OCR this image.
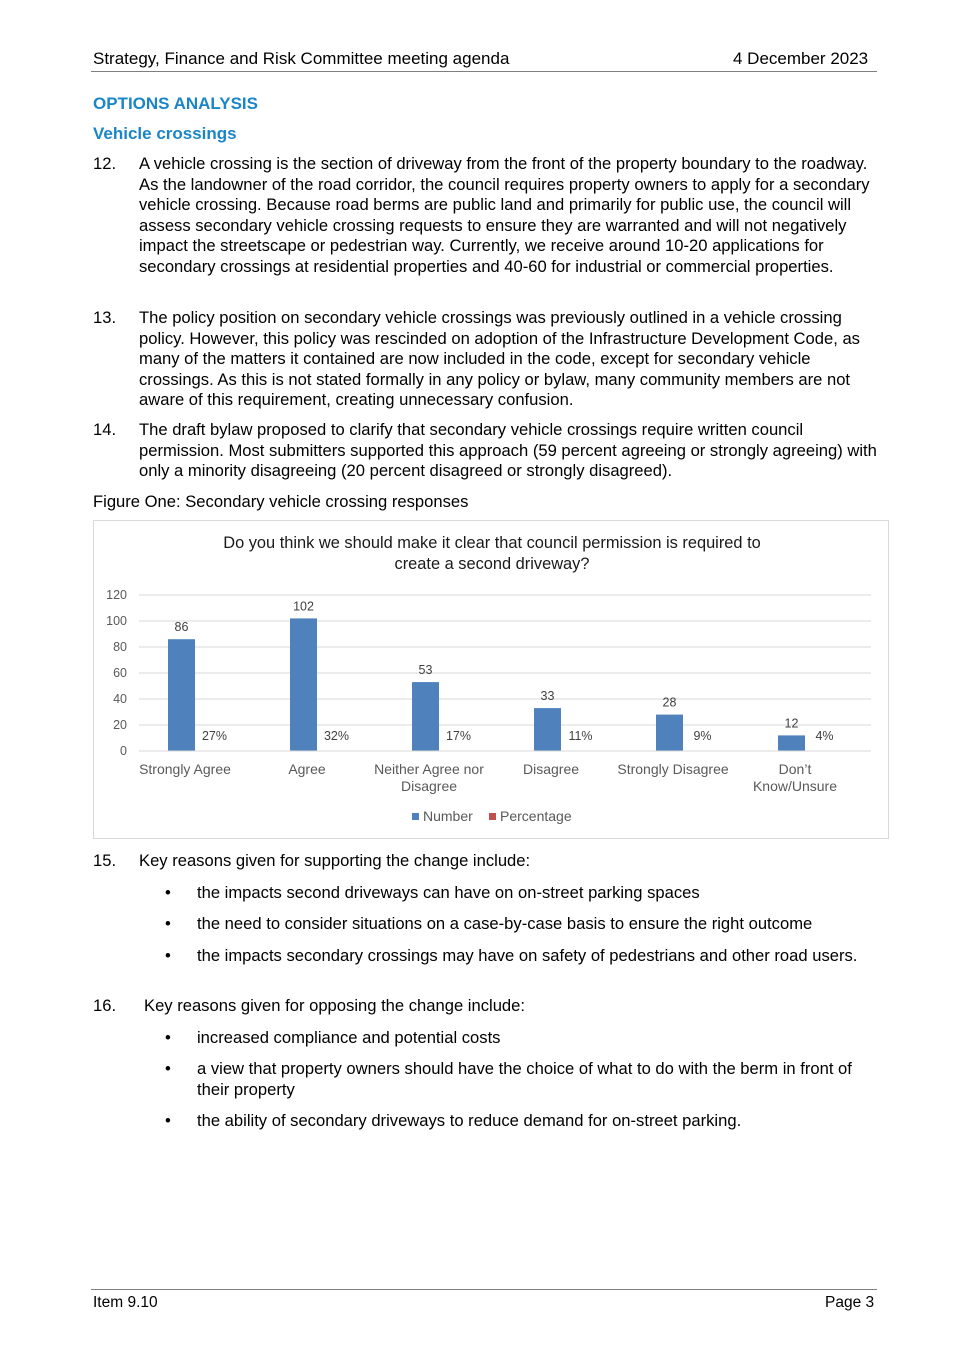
Strategy, Finance and Risk Committee meeting agenda	4 December 2023
OPTIONS ANALYSIS
Vehicle crossings
12.	A vehicle crossing is the section of driveway from the front of the property boundary to the roadway. As the landowner of the road corridor, the council requires property owners to apply for a secondary vehicle crossing. Because road berms are public land and primarily for public use, the council will assess secondary vehicle crossing requests to ensure they are warranted and will not negatively impact the streetscape or pedestrian way. Currently, we receive around 10-20 applications for secondary crossings at residential properties and 40-60 for industrial or commercial properties.
13.	The policy position on secondary vehicle crossings was previously outlined in a vehicle crossing policy. However, this policy was rescinded on adoption of the Infrastructure Development Code, as many of the matters it contained are now included in the code, except for secondary vehicle crossings. As this is not stated formally in any policy or bylaw, many community members are not aware of this requirement, creating unnecessary confusion.
14.	The draft bylaw proposed to clarify that secondary vehicle crossings require written council permission. Most submitters supported this approach (59 percent agreeing or strongly agreeing) with only a minority disagreeing (20 percent disagreed or strongly disagreed).
Figure One: Secondary vehicle crossing responses
Do you think we should make it clear that council permission is required to
create a second driveway?
0
20
40
60
80
100
120
86
27%
Strongly Agree
102
32%
Agree
53
17%
Neither Agree nor
Disagree
33
11%
Disagree
28
9%
Strongly Disagree
12
4%
Don’t
Know/Unsure
Number Percentage
15.	Key reasons given for supporting the change include:
• the impacts second driveways can have on on-street parking spaces
• the need to consider situations on a case-by-case basis to ensure the right outcome
• the impacts secondary crossings may have on safety of pedestrians and other road users.
16.	Key reasons given for opposing the change include:
• increased compliance and potential costs
• a view that property owners should have the choice of what to do with the berm in front of their property
• the ability of secondary driveways to reduce demand for on-street parking.
Item 9.10	Page 3
